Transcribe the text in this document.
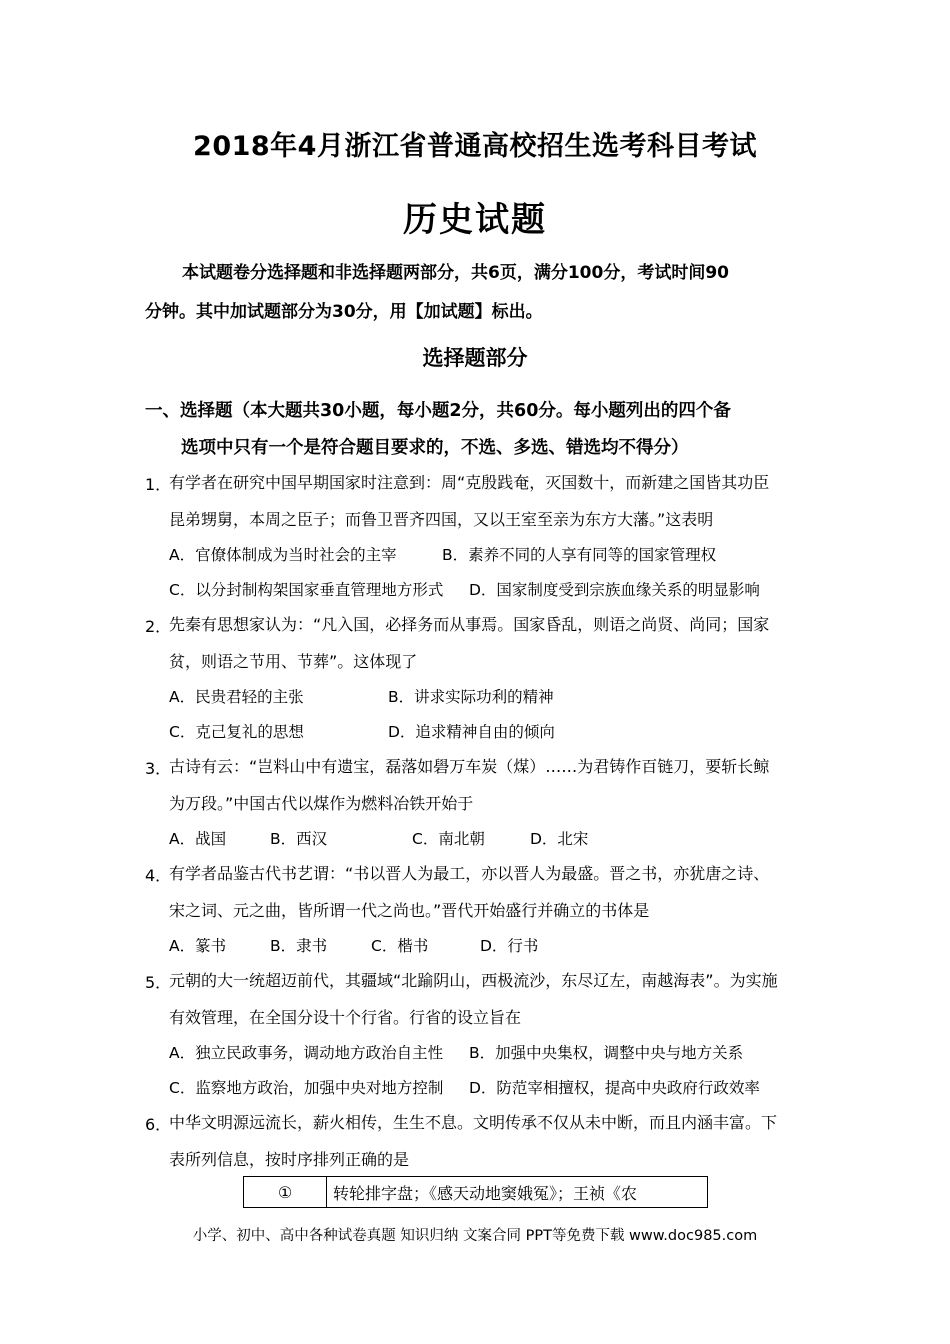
2018年4月浙江省普通高校招生选考科目考试
历史试题
本试题卷分选择题和非选择题两部分，共6页，满分100分，考试时间90
分钟。其中加试题部分为30分，用【加试题】标出。
选择题部分
一、选择题（本大题共30小题，每小题2分，共60分。每小题列出的四个备
选项中只有一个是符合题目要求的，不选、多选、错选均不得分）
1．
有学者在研究中国早期国家时注意到：周“克殷践奄，灭国数十，而新建之国皆其功臣
昆弟甥舅，本周之臣子；而鲁卫晋齐四国，又以王室至亲为东方大藩。”这表明
A．官僚体制成为当时社会的主宰	B．素养不同的人享有同等的国家管理权
C．以分封制构架国家垂直管理地方形式 D．国家制度受到宗族血缘关系的明显影响
2．
先秦有思想家认为：“凡入国，必择务而从事焉。国家昏乱，则语之尚贤、尚同；国家
贫，则语之节用、节葬”。这体现了
A．民贵君轻的主张	B．讲求实际功利的精神
C．克己复礼的思想	D．追求精神自由的倾向
3．
古诗有云：“岂料山中有遗宝，磊落如礐万车炭（煤）……为君铸作百链刀，要斩长鲸
为万段。”中国古代以煤作为燃料冶铁开始于
A．战国	B．西汉	C．南北朝	D．北宋
4．
有学者品鉴古代书艺谓：“书以晋人为最工，亦以晋人为最盛。晋之书，亦犹唐之诗、
宋之词、元之曲，皆所谓一代之尚也。”晋代开始盛行并确立的书体是
A．篆书	B．隶书	C．楷书	D．行书
5．
元朝的大一统超迈前代，其疆域“北踰阴山，西极流沙，东尽辽左，南越海表”。为实施
有效管理，在全国分设十个行省。行省的设立旨在
A．独立民政事务，调动地方政治自主性 B．加强中央集权，调整中央与地方关系
C．监察地方政治，加强中央对地方控制 D．防范宰相擅权，提高中央政府行政效率
6．
中华文明源远流长，薪火相传，生生不息。文明传承不仅从未中断，而且内涵丰富。下
表所列信息，按时序排列正确的是
①	转轮排字盘；《感天动地窦娥冤》；王祯《农
小学、初中、高中各种试卷真题 知识归纳 文案合同 PPT等免费下载 www.doc985.com
